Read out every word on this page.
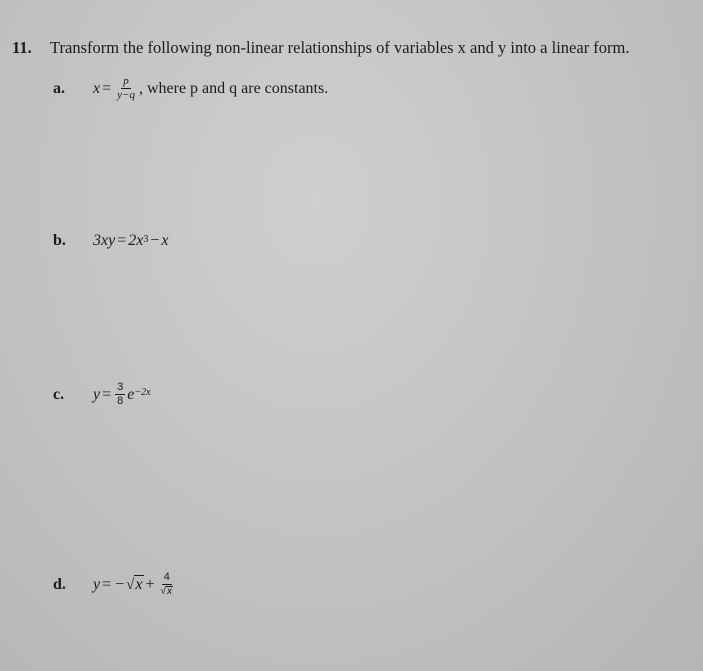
11. Transform the following non-linear relationships of variables x and y into a linear form.
a.	$x = \frac{p}{y-q}$ , where p and q are constants.
b.	$3xy = 2x^3 - x$
c.	$y = \frac{3}{8} e^{-2x}$
d.	y = − √ $x + \frac{4}{√ x}$
